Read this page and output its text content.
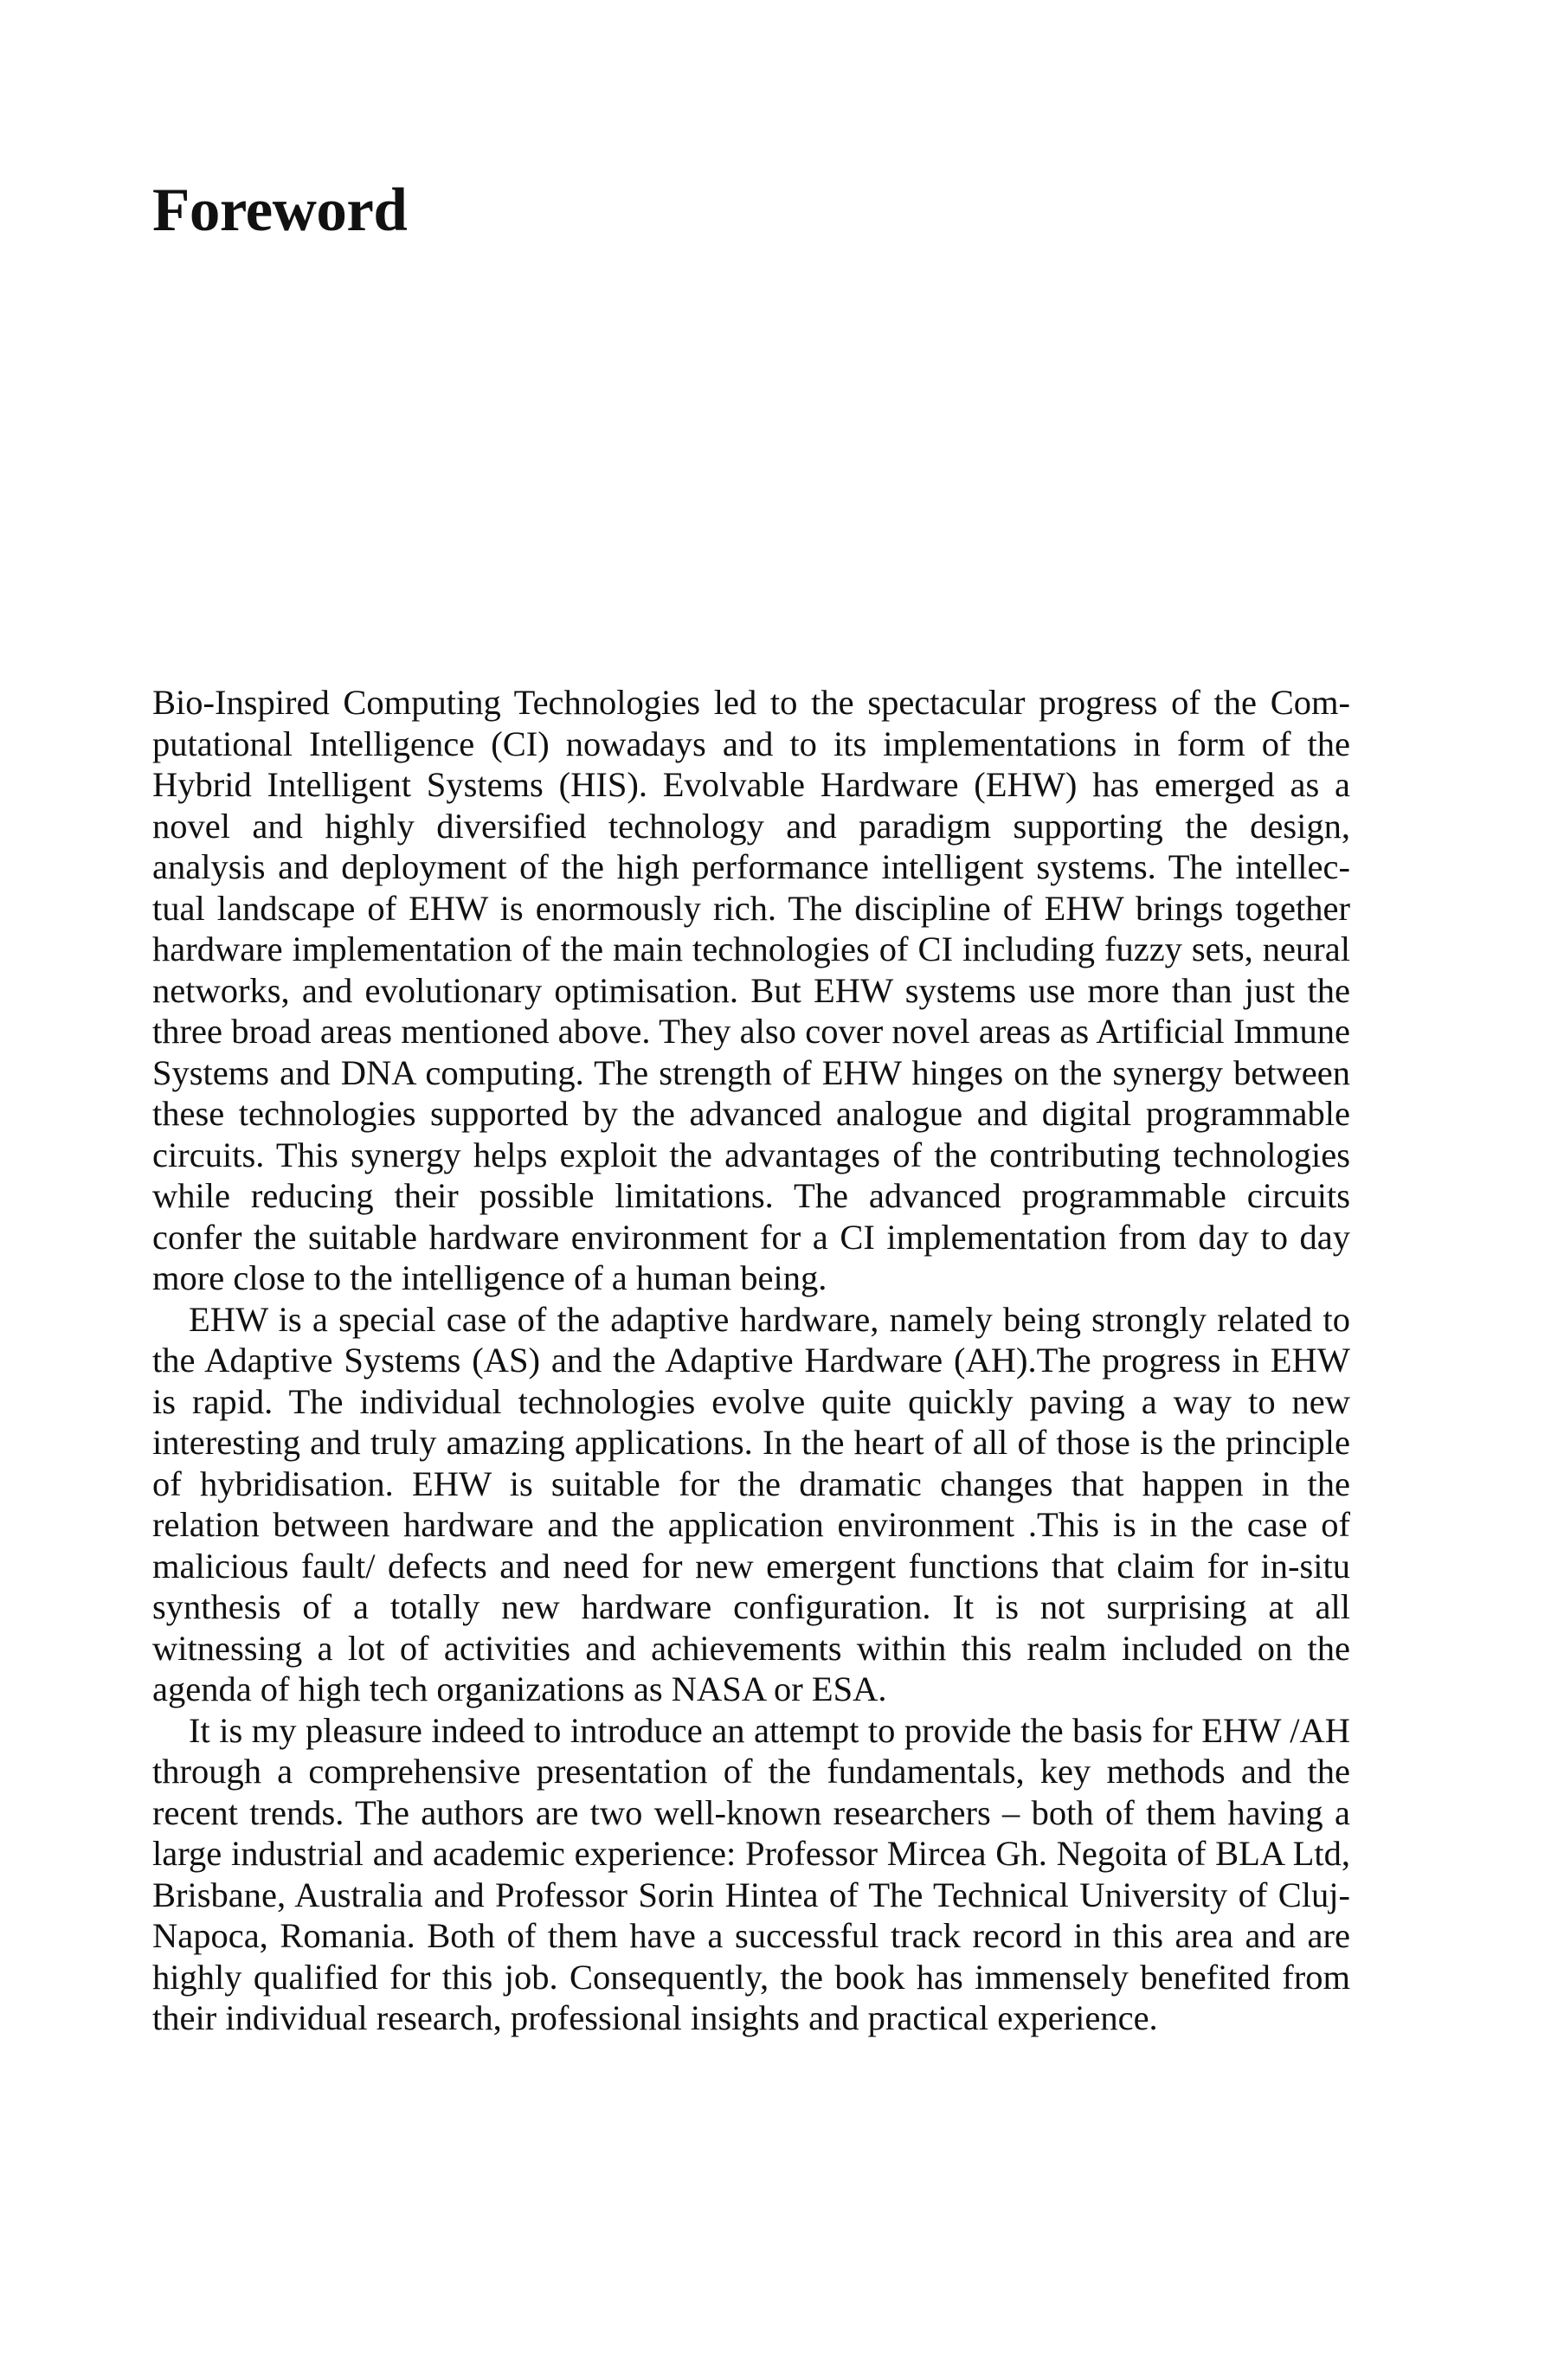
Foreword

Bio-Inspired Computing Technologies led to the spectacular progress of the Computational Intelligence (CI) nowadays and to its implementations in form of the Hybrid Intelligent Systems (HIS). Evolvable Hardware (EHW) has emerged as a novel and highly diversified technology and paradigm supporting the design, analysis and deployment of the high performance intelligent systems. The intellectual landscape of EHW is enormously rich. The discipline of EHW brings together hardware implementation of the main technologies of CI including fuzzy sets, neural networks, and evolutionary optimisation. But EHW systems use more than just the three broad areas mentioned above. They also cover novel areas as Artificial Immune Systems and DNA computing. The strength of EHW hinges on the synergy between these technologies supported by the advanced analogue and digital programmable circuits. This synergy helps exploit the advantages of the contributing technologies while reducing their possible limitations. The advanced programmable circuits confer the suitable hardware environment for a CI implementation from day to day more close to the intelligence of a human being.

EHW is a special case of the adaptive hardware, namely being strongly related to the Adaptive Systems (AS) and the Adaptive Hardware (AH).The progress in EHW is rapid. The individual technologies evolve quite quickly paving a way to new interesting and truly amazing applications. In the heart of all of those is the principle of hybridisation. EHW is suitable for the dramatic changes that happen in the relation between hardware and the application environment .This is in the case of malicious fault/ defects and need for new emergent functions that claim for in-situ synthesis of a totally new hardware configuration. It is not surprising at all witnessing a lot of activities and achievements within this realm included on the agenda of high tech organizations as NASA or ESA.

It is my pleasure indeed to introduce an attempt to provide the basis for EHW /AH through a comprehensive presentation of the fundamentals, key methods and the recent trends. The authors are two well-known researchers – both of them having a large industrial and academic experience: Professor Mircea Gh. Negoita of BLA Ltd, Brisbane, Australia and Professor Sorin Hintea of The Technical University of Cluj-Napoca, Romania. Both of them have a successful track record in this area and are highly qualified for this job. Consequently, the book has immensely benefited from their individual research, professional insights and practical experience.
